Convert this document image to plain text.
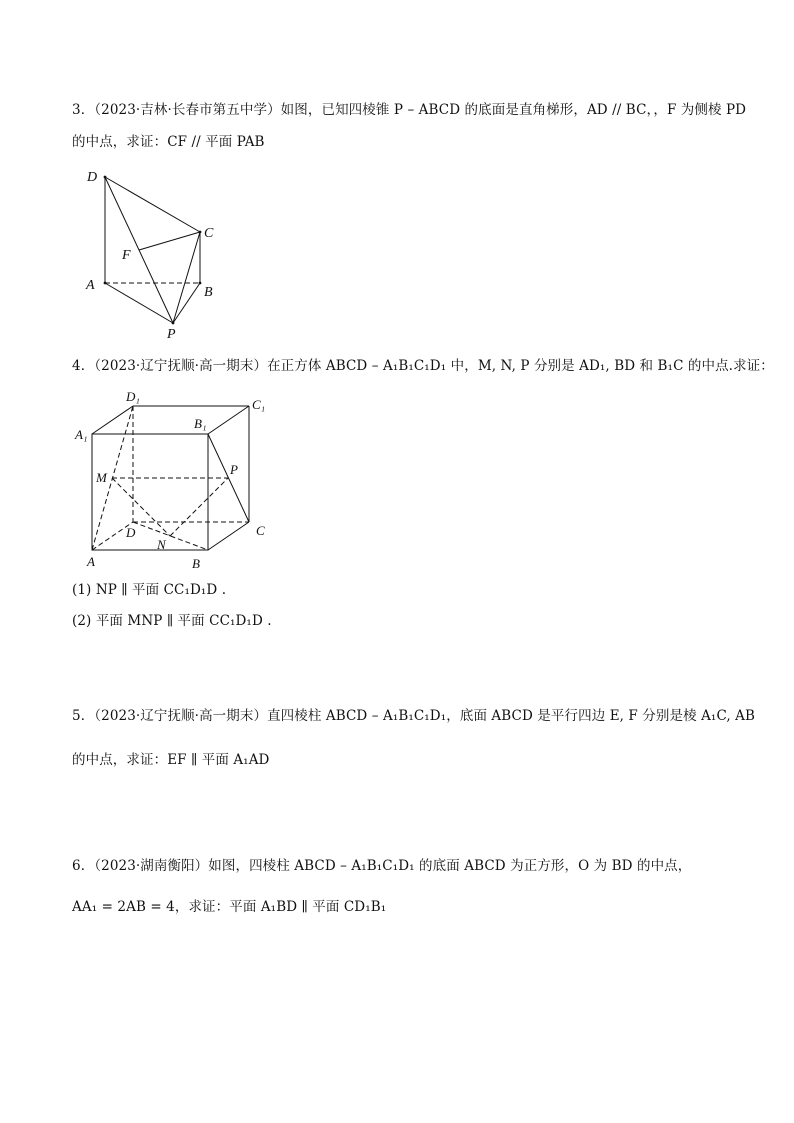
3．（2023·吉林·长春市第五中学）如图，已知四棱锥 P – ABCD 的底面是直角梯形，AD // BC，，F 为侧棱 PD
的中点，求证：CF // 平面 PAB
D
C
F
A	B
P
4．（2023·辽宁抚顺·高一期末）在正方体 ABCD – A₁B₁C₁D₁ 中，M, N, P 分别是 AD₁, BD 和 B₁C 的中点.求证：
D₁
C₁
A₁
B₁
P
M
D	C
N
A	B
(1) NP ∥ 平面 CC₁D₁D .
(2) 平面 MNP ∥ 平面 CC₁D₁D .
5．（2023·辽宁抚顺·高一期末）直四棱柱 ABCD – A₁B₁C₁D₁，底面 ABCD 是平行四边 E, F 分别是棱 A₁C, AB
的中点，求证：EF ∥ 平面 A₁AD
6．（2023·湖南衡阳）如图，四棱柱 ABCD – A₁B₁C₁D₁ 的底面 ABCD 为正方形，O 为 BD 的中点，
AA₁ = 2AB = 4，求证：平面 A₁BD ∥ 平面 CD₁B₁
